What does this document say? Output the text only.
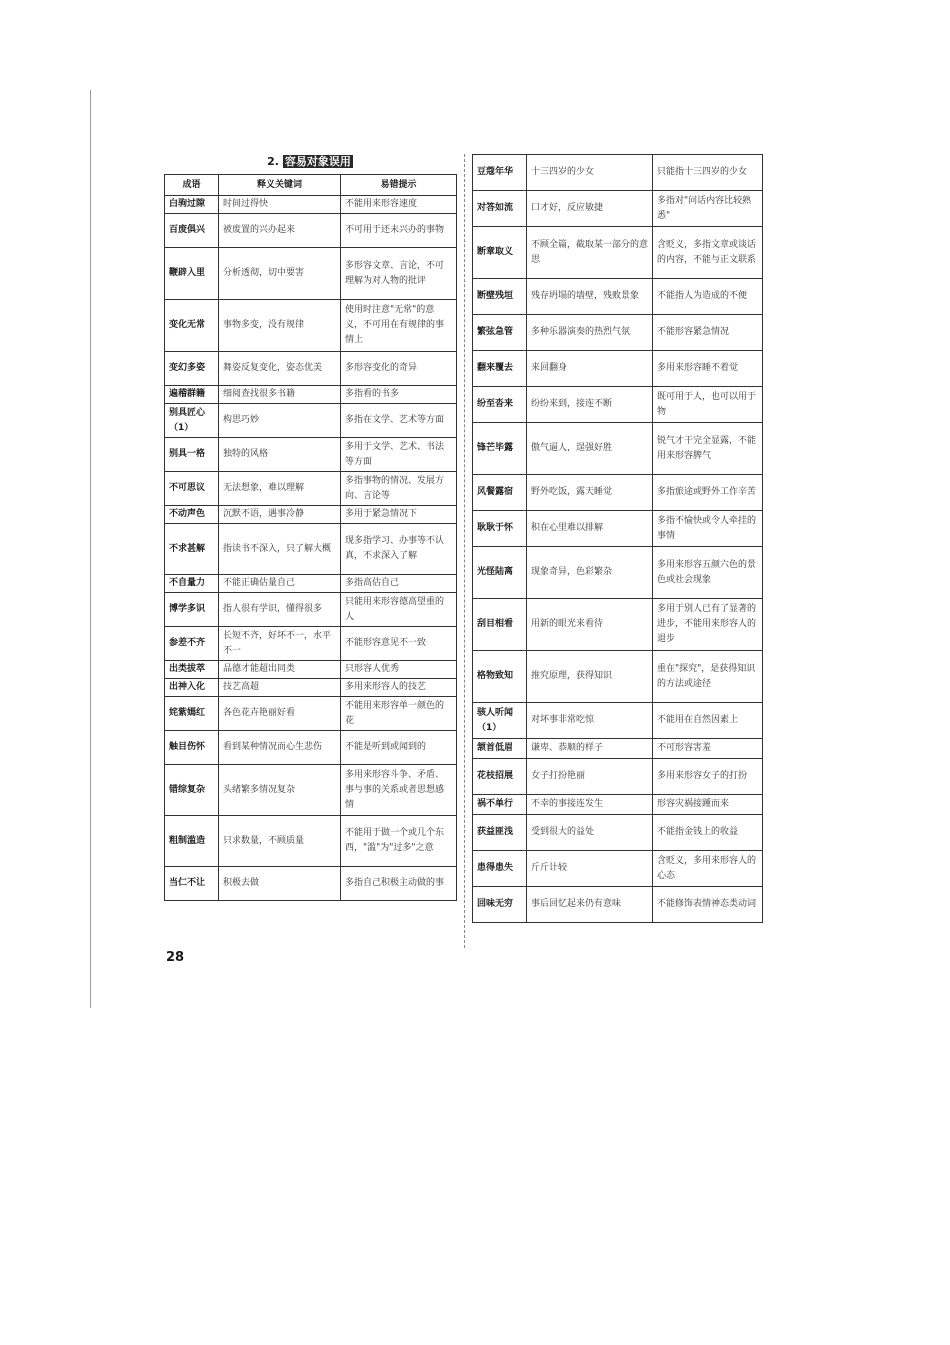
2. 容易对象误用
成语	释义关键词	易错提示
白驹过隙	时间过得快	不能用来形容速度
百废俱兴	被废置的兴办起来	不可用于还未兴办的事物
鞭辟入里	分析透彻，切中要害	多形容文章、言论，不可理解为对人物的批评
变化无常	事物多变，没有规律	使用时注意"无常"的意义，不可用在有规律的事情上
变幻多姿	舞姿反复变化，姿态优美	多形容变化的奇异
遍稽群籍	细阅查找很多书籍	多指看的书多
别具匠心（1）	构思巧妙	多指在文学、艺术等方面
别具一格	独特的风格	多用于文学、艺术、书法等方面
不可思议	无法想象，难以理解	多指事物的情况、发展方向、言论等
不动声色	沉默不语，遇事冷静	多用于紧急情况下
不求甚解	指读书不深入，只了解大概	现多指学习、办事等不认真，不求深入了解
不自量力	不能正确估量自己	多指高估自己
博学多识	指人很有学识，懂得很多	只能用来形容德高望重的人
参差不齐	长短不齐，好坏不一，水平不一	不能形容意见不一致
出类拔萃	品德才能超出同类	只形容人优秀
出神入化	技艺高超	多用来形容人的技艺
姹紫嫣红	各色花卉艳丽好看	不能用来形容单一颜色的花
触目伤怀	看到某种情况而心生悲伤	不能是听到或闻到的
错综复杂	头绪繁多情况复杂	多用来形容斗争、矛盾、事与事的关系或者思想感情
粗制滥造	只求数量，不顾质量	不能用于做一个或几个东西，"滥"为"过多"之意
当仁不让	积极去做	多指自己积极主动做的事
豆蔻年华	十三四岁的少女	只能指十三四岁的少女
对答如流	口才好，反应敏捷	多指对"问话内容比较熟悉"
断章取义	不顾全篇，截取某一部分的意思	含贬义，多指文章或谈话的内容，不能与正文联系
断壁残垣	残存坍塌的墙壁，残败景象	不能指人为造成的不便
繁弦急管	多种乐器演奏的热烈气氛	不能形容紧急情况
翻来覆去	来回翻身	多用来形容睡不着觉
纷至沓来	纷纷来到，接连不断	既可用于人，也可以用于物
锋芒毕露	傲气逼人，逞强好胜	锐气才干完全显露，不能用来形容脾气
风餐露宿	野外吃饭，露天睡觉	多指旅途或野外工作辛苦
耿耿于怀	积在心里难以排解	多指不愉快或令人牵挂的事情
光怪陆离	现象奇异，色彩繁杂	多用来形容五颜六色的景色或社会现象
刮目相看	用新的眼光来看待	多用于别人已有了显著的进步，不能用来形容人的退步
格物致知	推究原理，获得知识	重在"探究"，是获得知识的方法或途径
骇人听闻（1）	对坏事非常吃惊	不能用在自然因素上
颔首低眉	谦卑、恭顺的样子	不可形容害羞
花枝招展	女子打扮艳丽	多用来形容女子的打扮
祸不单行	不幸的事接连发生	形容灾祸接踵而来
获益匪浅	受到很大的益处	不能指金钱上的收益
患得患失	斤斤计较	含贬义，多用来形容人的心态
回味无穷	事后回忆起来仍有意味	不能修饰表情神态类动词
28
